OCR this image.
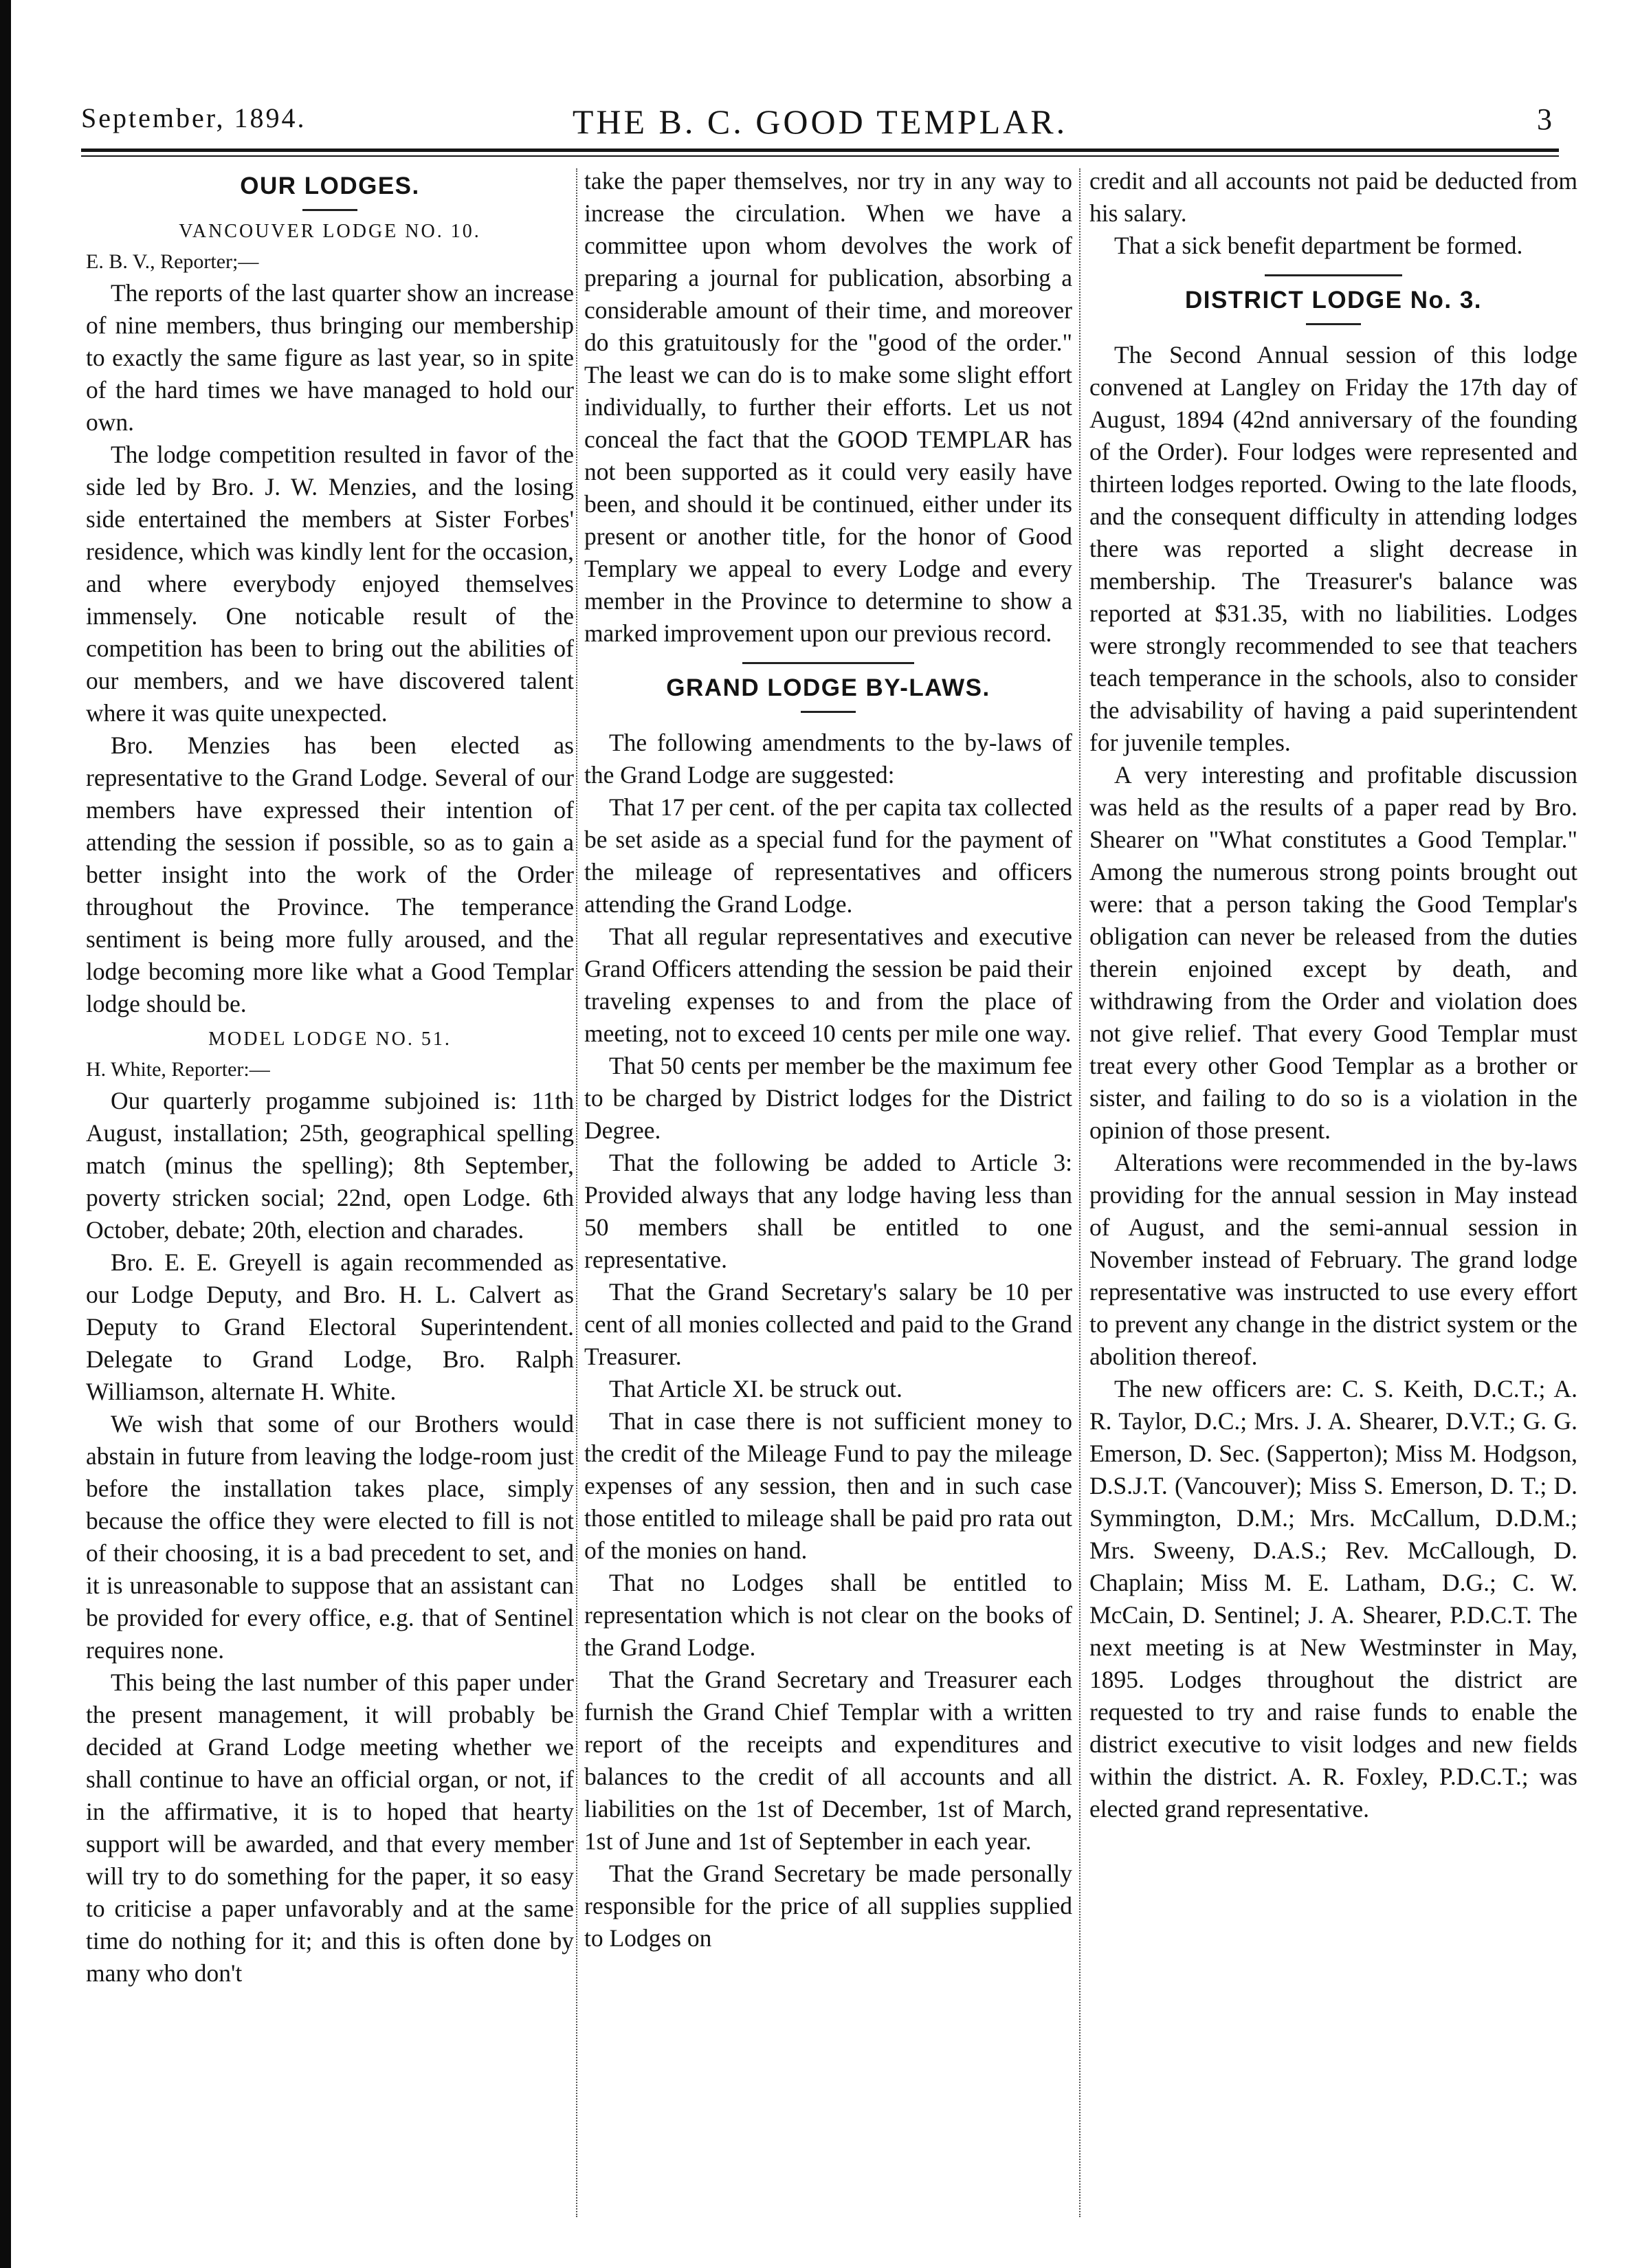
September, 1894.	THE B. C. GOOD TEMPLAR.	3
OUR LODGES.
VANCOUVER LODGE NO. 10.

E. B. V., Reporter;—

The reports of the last quarter show an increase of nine members, thus bringing our membership to exactly the same figure as last year, so in spite of the hard times we have managed to hold our own.

The lodge competition resulted in favor of the side led by Bro. J. W. Menzies, and the losing side entertained the members at Sister Forbes' residence, which was kindly lent for the occasion, and where everybody enjoyed themselves immensely. One noticable result of the competition has been to bring out the abilities of our members, and we have discovered talent where it was quite unexpected.

Bro. Menzies has been elected as representative to the Grand Lodge. Several of our members have expressed their intention of attending the session if possible, so as to gain a better insight into the work of the Order throughout the Province. The temperance sentiment is being more fully aroused, and the lodge becoming more like what a Good Templar lodge should be.

MODEL LODGE NO. 51.

H. White, Reporter:—

Our quarterly progamme subjoined is: 11th August, installation; 25th, geographical spelling match (minus the spelling); 8th September, poverty stricken social; 22nd, open Lodge. 6th October, debate; 20th, election and charades.

Bro. E. E. Greyell is again recommended as our Lodge Deputy, and Bro. H. L. Calvert as Deputy to Grand Electoral Superintendent. Delegate to Grand Lodge, Bro. Ralph Williamson, alternate H. White.

We wish that some of our Brothers would abstain in future from leaving the lodge-room just before the installation takes place, simply because the office they were elected to fill is not of their choosing, it is a bad precedent to set, and it is unreasonable to suppose that an assistant can be provided for every office, e.g. that of Sentinel requires none.

This being the last number of this paper under the present management, it will probably be decided at Grand Lodge meeting whether we shall continue to have an official organ, or not, if in the affirmative, it is to hoped that hearty support will be awarded, and that every member will try to do something for the paper, it so easy to criticise a paper unfavorably and at the same time do nothing for it; and this is often done by many who don't

take the paper themselves, nor try in any way to increase the circulation. When we have a committee upon whom devolves the work of preparing a journal for publication, absorbing a considerable amount of their time, and moreover do this gratuitously for the "good of the order." The least we can do is to make some slight effort individually, to further their efforts. Let us not conceal the fact that the GOOD TEMPLAR has not been supported as it could very easily have been, and should it be continued, either under its present or another title, for the honor of Good Templary we appeal to every Lodge and every member in the Province to determine to show a marked improvement upon our previous record.

GRAND LODGE BY-LAWS.

The following amendments to the by-laws of the Grand Lodge are suggested:

That 17 per cent. of the per capita tax collected be set aside as a special fund for the payment of the mileage of representatives and officers attending the Grand Lodge.

That all regular representatives and executive Grand Officers attending the session be paid their traveling expenses to and from the place of meeting, not to exceed 10 cents per mile one way.

That 50 cents per member be the maximum fee to be charged by District lodges for the District Degree.

That the following be added to Article 3: Provided always that any lodge having less than 50 members shall be entitled to one representative.

That the Grand Secretary's salary be 10 per cent of all monies collected and paid to the Grand Treasurer.

That Article XI. be struck out.

That in case there is not sufficient money to the credit of the Mileage Fund to pay the mileage expenses of any session, then and in such case those entitled to mileage shall be paid pro rata out of the monies on hand.

That no Lodges shall be entitled to representation which is not clear on the books of the Grand Lodge.

That the Grand Secretary and Treasurer each furnish the Grand Chief Templar with a written report of the receipts and expenditures and balances to the credit of all accounts and all liabilities on the 1st of December, 1st of March, 1st of June and 1st of September in each year.

That the Grand Secretary be made personally responsible for the price of all supplies supplied to Lodges on

credit and all accounts not paid be deducted from his salary.

That a sick benefit department be formed.

DISTRICT LODGE No. 3.

The Second Annual session of this lodge convened at Langley on Friday the 17th day of August, 1894 (42nd anniversary of the founding of the Order). Four lodges were represented and thirteen lodges reported. Owing to the late floods, and the consequent difficulty in attending lodges there was reported a slight decrease in membership. The Treasurer's balance was reported at $31.35, with no liabilities. Lodges were strongly recommended to see that teachers teach temperance in the schools, also to consider the advisability of having a paid superintendent for juvenile temples.

A very interesting and profitable discussion was held as the results of a paper read by Bro. Shearer on "What constitutes a Good Templar." Among the numerous strong points brought out were: that a person taking the Good Templar's obligation can never be released from the duties therein enjoined except by death, and withdrawing from the Order and violation does not give relief. That every Good Templar must treat every other Good Templar as a brother or sister, and failing to do so is a violation in the opinion of those present.

Alterations were recommended in the by-laws providing for the annual session in May instead of August, and the semi-annual session in November instead of February. The grand lodge representative was instructed to use every effort to prevent any change in the district system or the abolition thereof.

The new officers are: C. S. Keith, D.C.T.; A. R. Taylor, D.C.; Mrs. J. A. Shearer, D.V.T.; G. G. Emerson, D. Sec. (Sapperton); Miss M. Hodgson, D.S.J.T. (Vancouver); Miss S. Emerson, D. T.; D. Symmington, D.M.; Mrs. McCallum, D.D.M.; Mrs. Sweeny, D.A.S.; Rev. McCallough, D. Chaplain; Miss M. E. Latham, D.G.; C. W. McCain, D. Sentinel; J. A. Shearer, P.D.C.T. The next meeting is at New Westminster in May, 1895. Lodges throughout the district are requested to try and raise funds to enable the district executive to visit lodges and new fields within the district. A. R. Foxley, P.D.C.T.; was elected grand representative.
